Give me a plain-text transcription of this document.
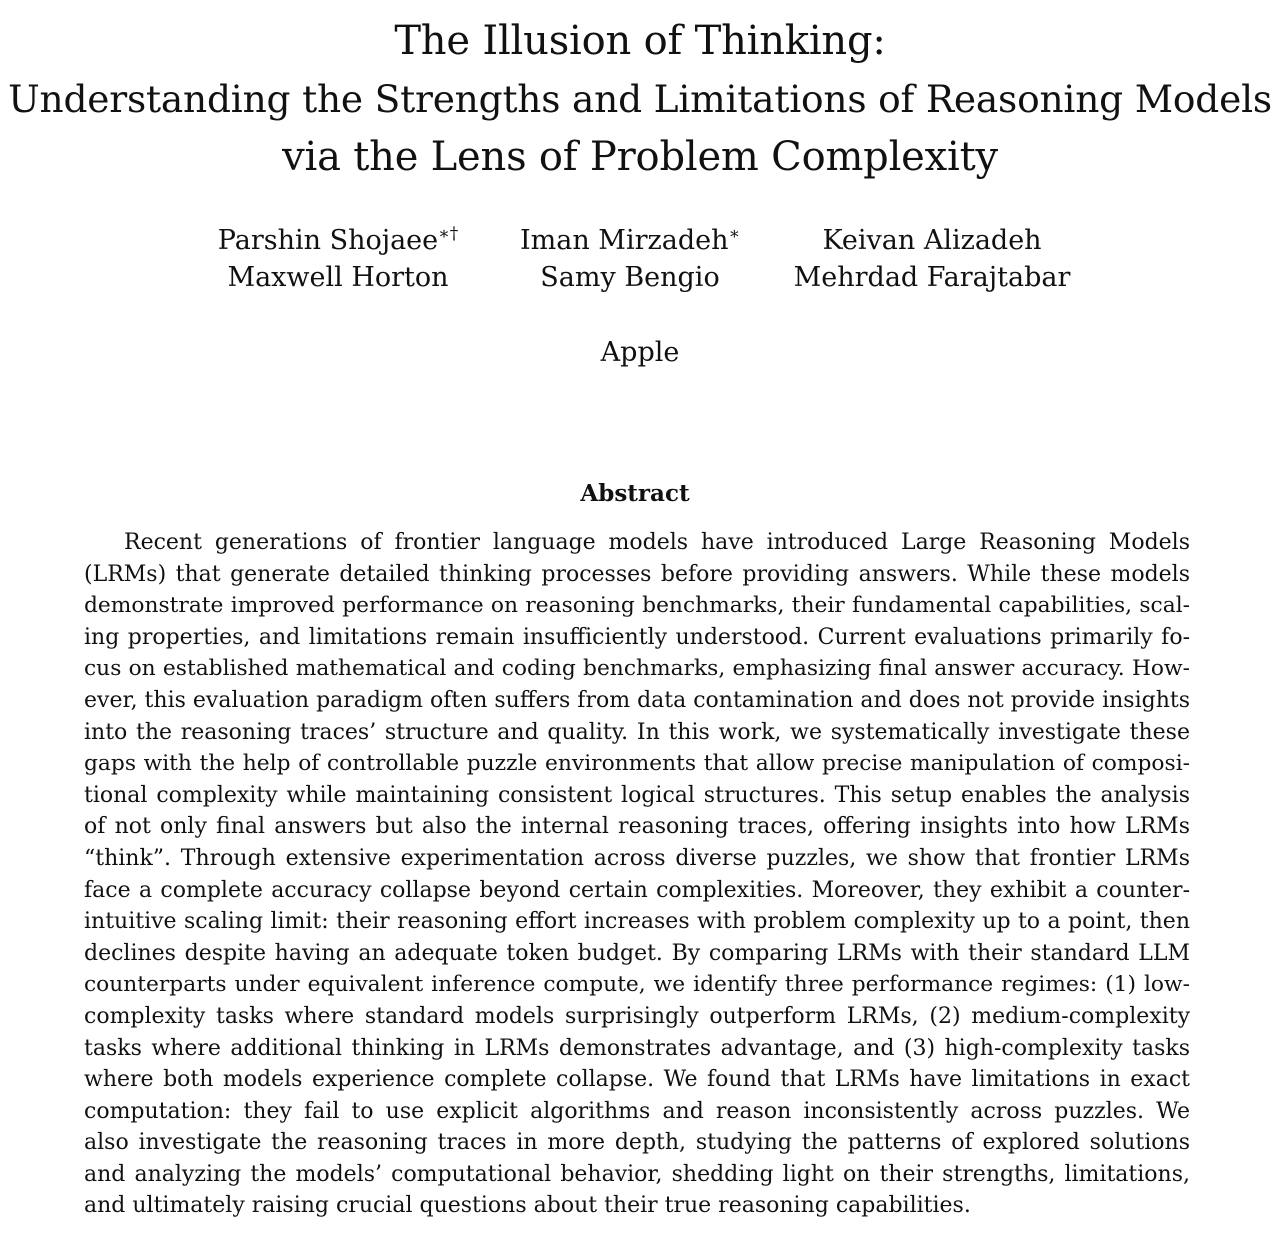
The Illusion of Thinking:
Understanding the Strengths and Limitations of Reasoning Models
via the Lens of Problem Complexity
Parshin Shojaee∗†	Iman Mirzadeh∗	Keivan Alizadeh
Maxwell Horton	Samy Bengio	Mehrdad Farajtabar
Apple
Abstract
Recent generations of frontier language models have introduced Large Reasoning Models
(LRMs) that generate detailed thinking processes before providing answers. While these models
demonstrate improved performance on reasoning benchmarks, their fundamental capabilities, scal-
ing properties, and limitations remain insufficiently understood. Current evaluations primarily fo-
cus on established mathematical and coding benchmarks, emphasizing final answer accuracy. How-
ever, this evaluation paradigm often suffers from data contamination and does not provide insights
into the reasoning traces’ structure and quality. In this work, we systematically investigate these
gaps with the help of controllable puzzle environments that allow precise manipulation of composi-
tional complexity while maintaining consistent logical structures. This setup enables the analysis
of not only final answers but also the internal reasoning traces, offering insights into how LRMs
“think”. Through extensive experimentation across diverse puzzles, we show that frontier LRMs
face a complete accuracy collapse beyond certain complexities. Moreover, they exhibit a counter-
intuitive scaling limit: their reasoning effort increases with problem complexity up to a point, then
declines despite having an adequate token budget. By comparing LRMs with their standard LLM
counterparts under equivalent inference compute, we identify three performance regimes: (1) low-
complexity tasks where standard models surprisingly outperform LRMs, (2) medium-complexity
tasks where additional thinking in LRMs demonstrates advantage, and (3) high-complexity tasks
where both models experience complete collapse. We found that LRMs have limitations in exact
computation: they fail to use explicit algorithms and reason inconsistently across puzzles. We
also investigate the reasoning traces in more depth, studying the patterns of explored solutions
and analyzing the models’ computational behavior, shedding light on their strengths, limitations,
and ultimately raising crucial questions about their true reasoning capabilities.
